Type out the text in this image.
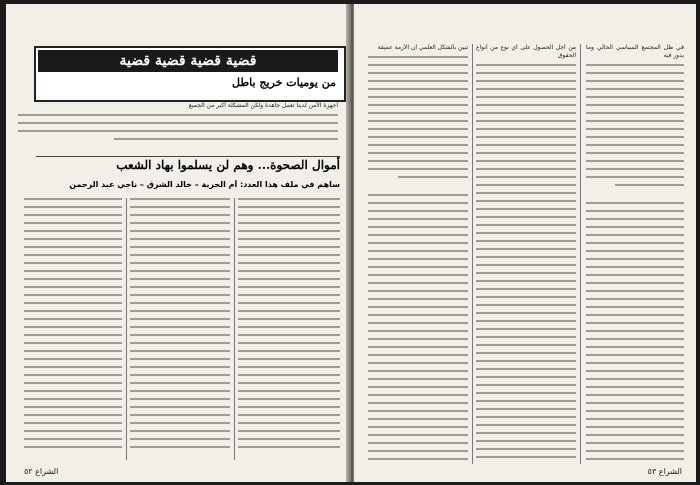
قضية قضية قضية قضية
من يوميات خريج باطل
أجهزة الأمن لدينا تعمل جاهدة ولكن المشكلة أكبر من الجميع
أموال الصحوة... وهم لن يسلموا بهاد الشعب
ساهم في ملف هذا العدد: أم الحرية – خالد الشرق – ناجي عبد الرحمن
الشراع ٥٢
في ظل المجتمع السياسي الحالي وما يدور فيه
من أجل الحصول على أي نوع من أنواع الحقوق
تبين بالشكل العلمي أن الأزمة عميقة
الشراع ٥٣
